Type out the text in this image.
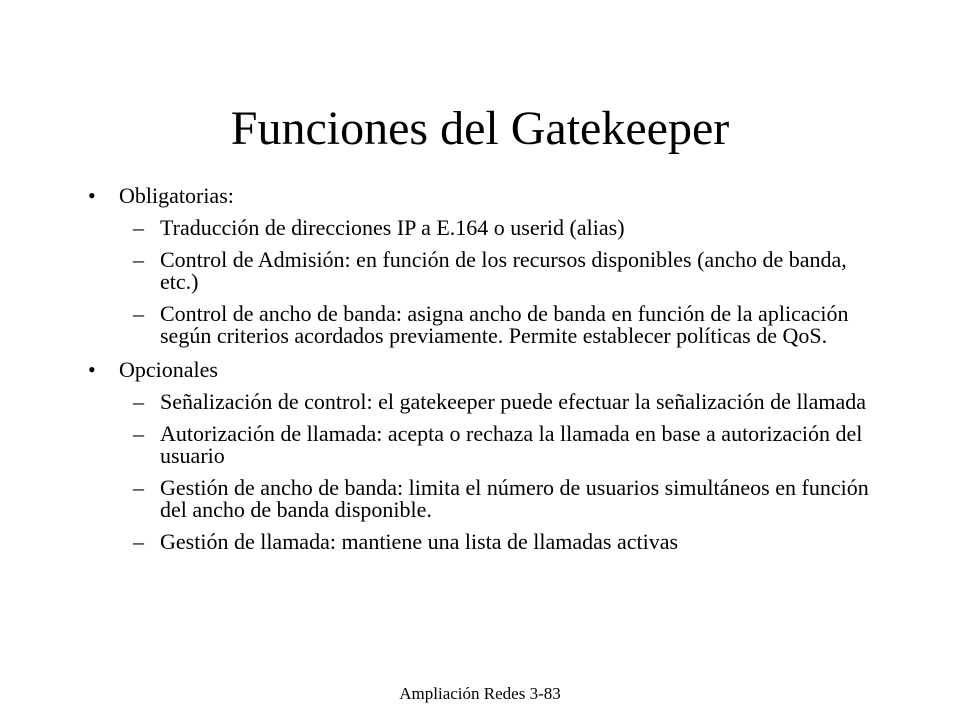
Funciones del Gatekeeper
•	Obligatorias:
– Traducción de direcciones IP a E.164 o userid (alias)
– Control de Admisión: en función de los recursos disponibles (ancho de banda, etc.)
– Control de ancho de banda: asigna ancho de banda en función de la aplicación según criterios acordados previamente. Permite establecer políticas de QoS.
•	Opcionales
– Señalización de control: el gatekeeper puede efectuar la señalización de llamada
– Autorización de llamada: acepta o rechaza la llamada en base a autorización del usuario
– Gestión de ancho de banda: limita el número de usuarios simultáneos en función del ancho de banda disponible.
– Gestión de llamada: mantiene una lista de llamadas activas
Ampliación Redes 3-83
